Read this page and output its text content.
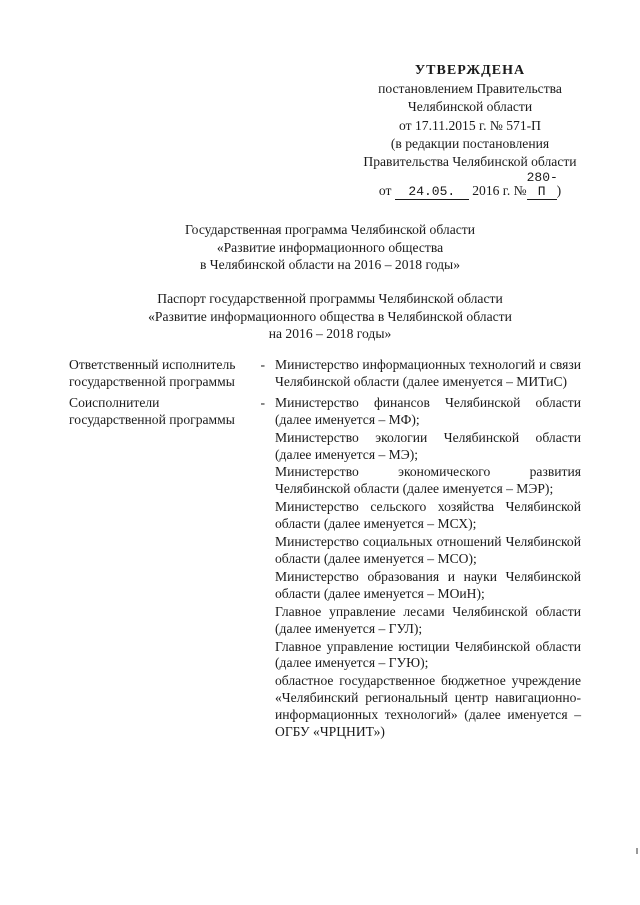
УТВЕРЖДЕНА
постановлением Правительства
Челябинской области
от 17.11.2015 г. № 571-П
(в редакции постановления
Правительства Челябинской области
от 24.05. 2016 г. №280-П )
Государственная программа Челябинской области
«Развитие информационного общества
в Челябинской области на 2016 – 2018 годы»
Паспорт государственной программы Челябинской области
«Развитие информационного общества в Челябинской области
на 2016 – 2018 годы»
Ответственный исполнитель государственной программы
- Министерство информационных технологий и связи Челябинской области (далее именуется – МИТиС)
Соисполнители государственной программы
- Министерство финансов Челябинской области (далее именуется – МФ);
Министерство экологии Челябинской области (далее именуется – МЭ);
Министерство экономического развития Челябинской области (далее именуется – МЭР);
Министерство сельского хозяйства Челябинской области (далее именуется – МСХ);
Министерство социальных отношений Челябинской области (далее именуется – МСО);
Министерство образования и науки Челябинской области (далее именуется – МОиН);
Главное управление лесами Челябинской области (далее именуется – ГУЛ);
Главное управление юстиции Челябинской области (далее именуется – ГУЮ);
областное государственное бюджетное учреждение «Челябинский региональный центр навигационно-информационных технологий» (далее именуется – ОГБУ «ЧРЦНИТ»)
